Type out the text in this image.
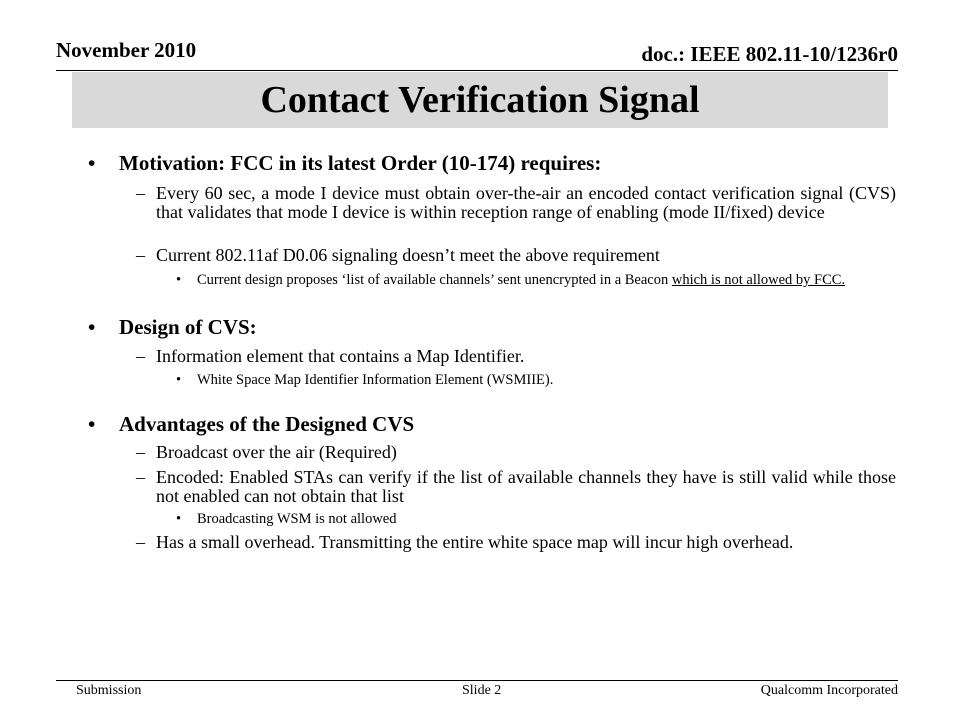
November 2010	doc.: IEEE 802.11-10/1236r0
Contact Verification Signal
• Motivation: FCC in its latest Order (10-174) requires:
– Every 60 sec, a mode I device must obtain over-the-air an encoded contact verification signal (CVS) that validates that mode I device is within reception range of enabling (mode II/fixed) device
– Current 802.11af D0.06 signaling doesn’t meet the above requirement
• Current design proposes ‘list of available channels’ sent unencrypted in a Beacon which is not allowed by FCC.
• Design of CVS:
– Information element that contains a Map Identifier.
• White Space Map Identifier Information Element (WSMIIE).
• Advantages of the Designed CVS
– Broadcast over the air (Required)
– Encoded: Enabled STAs can verify if the list of available channels they have is still valid while those not enabled can not obtain that list
• Broadcasting WSM is not allowed
– Has a small overhead. Transmitting the entire white space map will incur high overhead.
Submission	Slide 2	Qualcomm Incorporated
